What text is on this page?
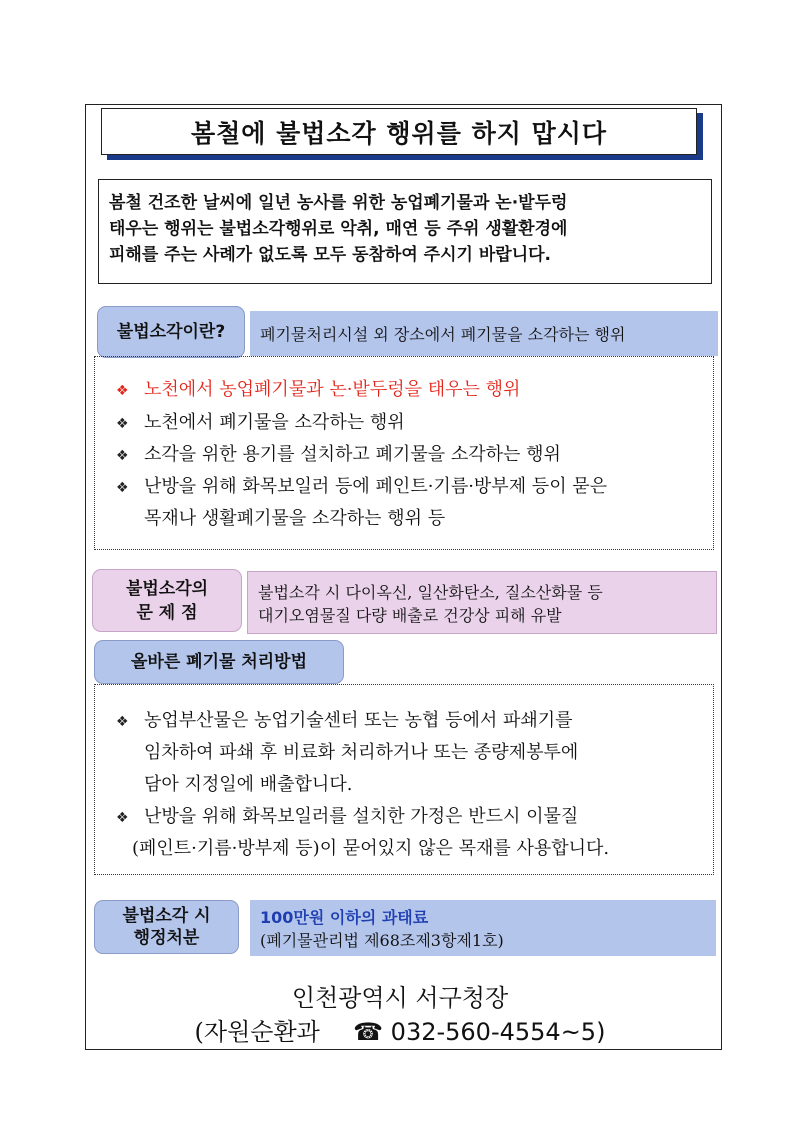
봄철에 불법소각 행위를 하지 맙시다
봄철 건조한 날씨에 일년 농사를 위한 농업폐기물과 논·밭두렁
태우는 행위는 불법소각행위로 악취, 매연 등 주위 생활환경에
피해를 주는 사례가 없도록 모두 동참하여 주시기 바랍니다.
폐기물처리시설 외 장소에서 폐기물을 소각하는 행위
불법소각이란?
❖ 노천에서 농업폐기물과 논·밭두렁을 태우는 행위
❖ 노천에서 폐기물을 소각하는 행위
❖ 소각을 위한 용기를 설치하고 폐기물을 소각하는 행위
❖ 난방을 위해 화목보일러 등에 페인트·기름·방부제 등이 묻은
목재나 생활폐기물을 소각하는 행위 등
불법소각 시 다이옥신, 일산화탄소, 질소산화물 등
대기오염물질 다량 배출로 건강상 피해 유발
불법소각의
문 제 점
올바른 폐기물 처리방법
❖ 농업부산물은 농업기술센터 또는 농협 등에서 파쇄기를
임차하여 파쇄 후 비료화 처리하거나 또는 종량제봉투에
담아 지정일에 배출합니다.
❖ 난방을 위해 화목보일러를 설치한 가정은 반드시 이물질
(페인트·기름·방부제 등)이 묻어있지 않은 목재를 사용합니다.
100만원 이하의 과태료
(폐기물관리법 제68조제3항제1호)
불법소각 시
행정처분
인천광역시 서구청장
(자원순환과 ☎ 032-560-4554~5)
